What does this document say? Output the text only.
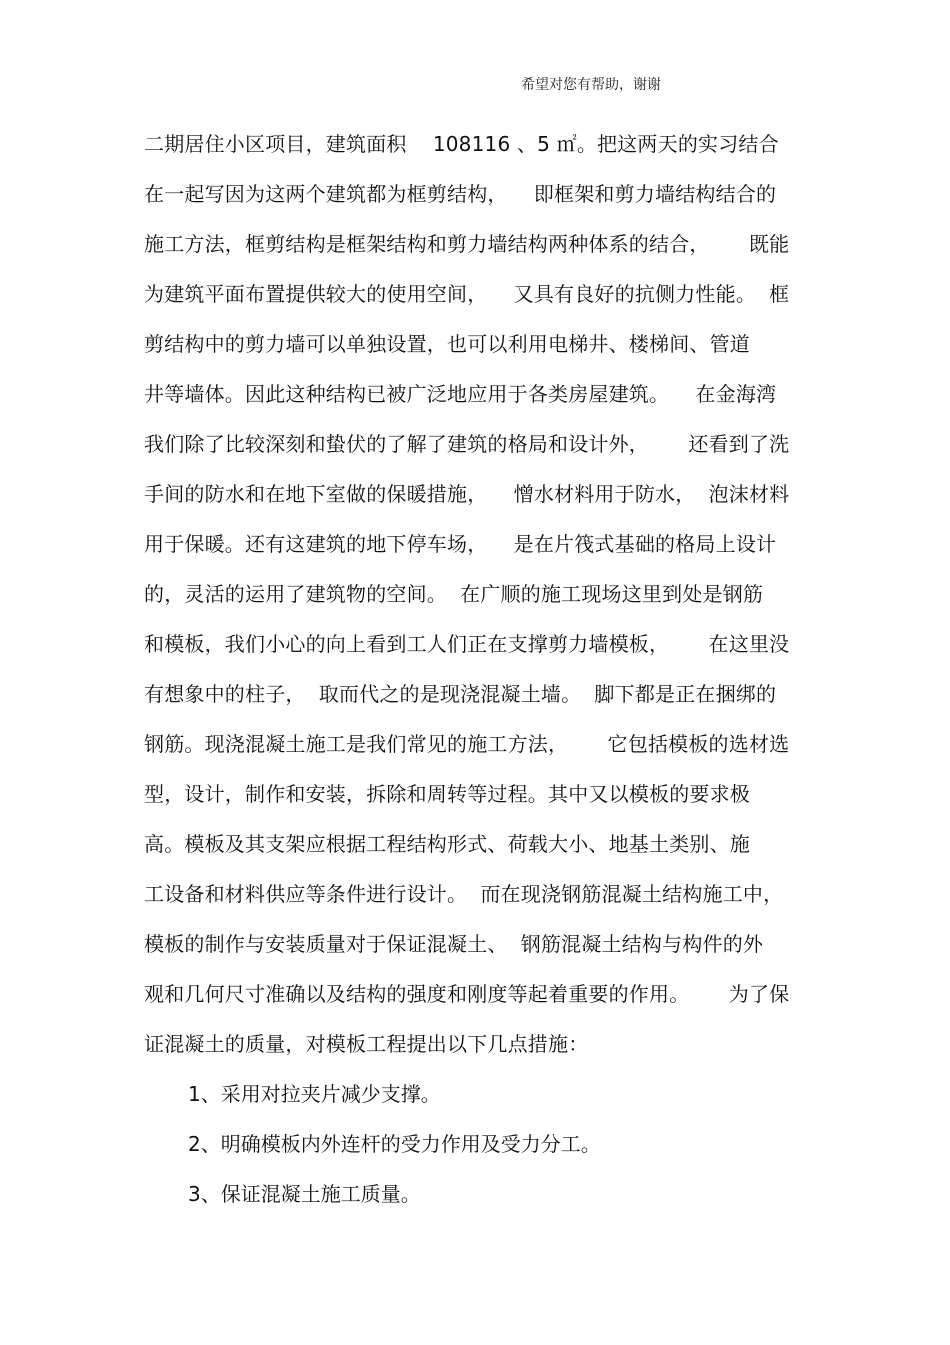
希望对您有帮助，谢谢
二期居住小区项目，建筑面积    108116 、5 ㎡。把这两天的实习结合
在一起写因为这两个建筑都为框剪结构，    即框架和剪力墙结构结合的
施工方法，框剪结构是框架结构和剪力墙结构两种体系的结合，      既能
为建筑平面布置提供较大的使用空间，    又具有良好的抗侧力性能。  框
剪结构中的剪力墙可以单独设置，也可以利用电梯井、楼梯间、管道
井等墙体。因此这种结构已被广泛地应用于各类房屋建筑。    在金海湾
我们除了比较深刻和蛰伏的了解了建筑的格局和设计外，      还看到了洗
手间的防水和在地下室做的保暖措施，    憎水材料用于防水，  泡沫材料
用于保暖。还有这建筑的地下停车场，    是在片筏式基础的格局上设计
的，灵活的运用了建筑物的空间。  在广顺的施工现场这里到处是钢筋
和模板，我们小心的向上看到工人们正在支撑剪力墙模板，      在这里没
有想象中的柱子，  取而代之的是现浇混凝土墙。  脚下都是正在捆绑的
钢筋。现浇混凝土施工是我们常见的施工方法，      它包括模板的选材选
型，设计，制作和安装，拆除和周转等过程。其中又以模板的要求极
高。模板及其支架应根据工程结构形式、荷载大小、地基土类别、施
工设备和材料供应等条件进行设计。  而在现浇钢筋混凝土结构施工中，
模板的制作与安装质量对于保证混凝土、  钢筋混凝土结构与构件的外
观和几何尺寸准确以及结构的强度和刚度等起着重要的作用。      为了保
证混凝土的质量，对模板工程提出以下几点措施：
1、采用对拉夹片减少支撑。
2、明确模板内外连杆的受力作用及受力分工。
3、保证混凝土施工质量。
